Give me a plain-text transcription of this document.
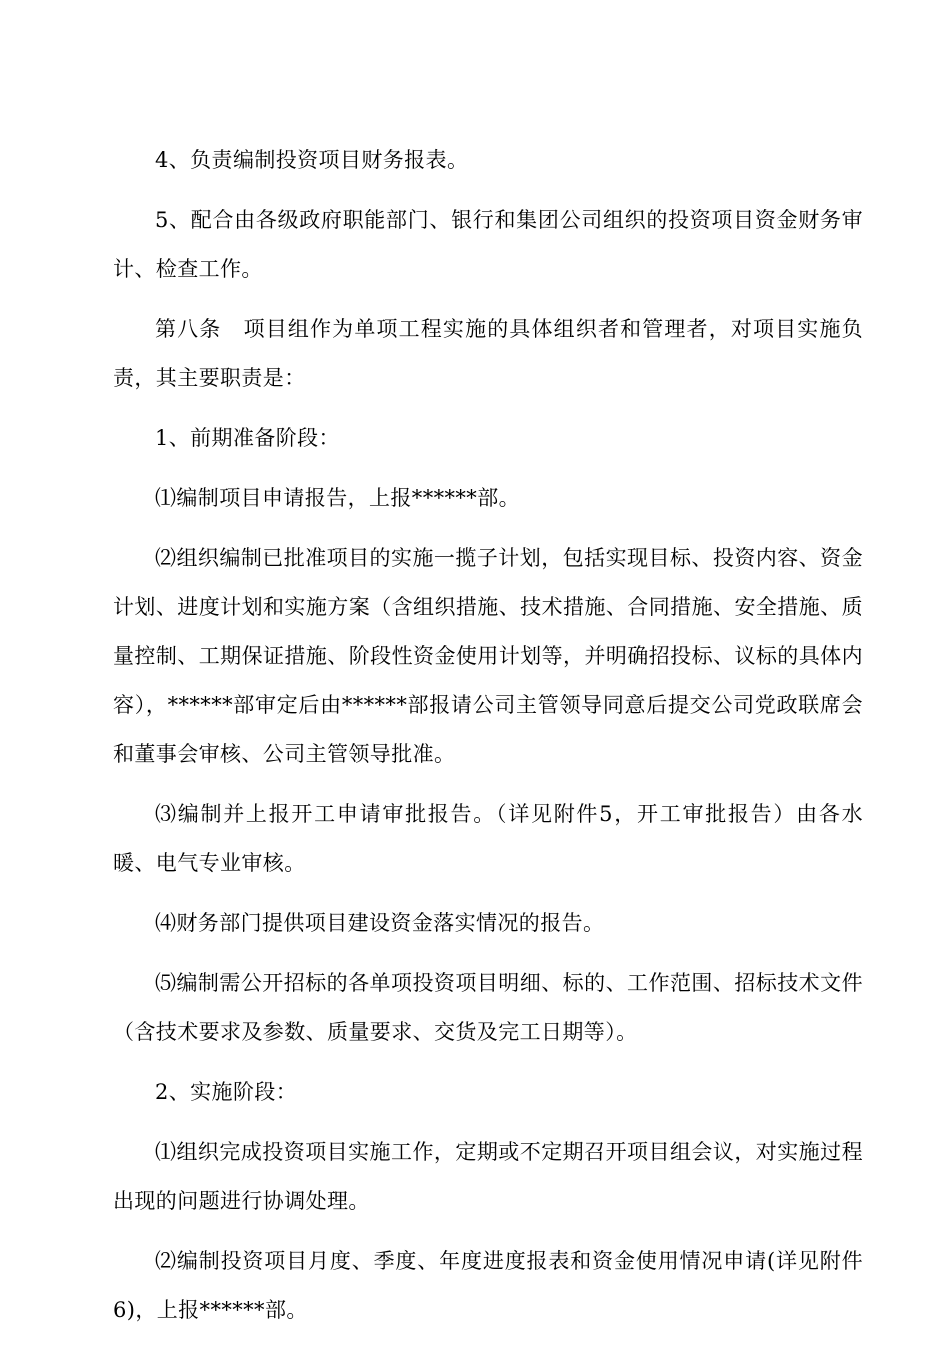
4、负责编制投资项目财务报表。

5、配合由各级政府职能部门、银行和集团公司组织的投资项目资金财务审计、检查工作。

第八条　项目组作为单项工程实施的具体组织者和管理者，对项目实施负责，其主要职责是：

1、前期准备阶段：

⑴编制项目申请报告，上报******部。

⑵组织编制已批准项目的实施一揽子计划，包括实现目标、投资内容、资金计划、进度计划和实施方案（含组织措施、技术措施、合同措施、安全措施、质量控制、工期保证措施、阶段性资金使用计划等，并明确招投标、议标的具体内容），******部审定后由******部报请公司主管领导同意后提交公司党政联席会和董事会审核、公司主管领导批准。

⑶编制并上报开工申请审批报告。（详见附件5，开工审批报告）由各水暖、电气专业审核。

⑷财务部门提供项目建设资金落实情况的报告。

⑸编制需公开招标的各单项投资项目明细、标的、工作范围、招标技术文件（含技术要求及参数、质量要求、交货及完工日期等）。

2、实施阶段：

⑴组织完成投资项目实施工作，定期或不定期召开项目组会议，对实施过程出现的问题进行协调处理。

⑵编制投资项目月度、季度、年度进度报表和资金使用情况申请(详见附件6)，上报******部。
